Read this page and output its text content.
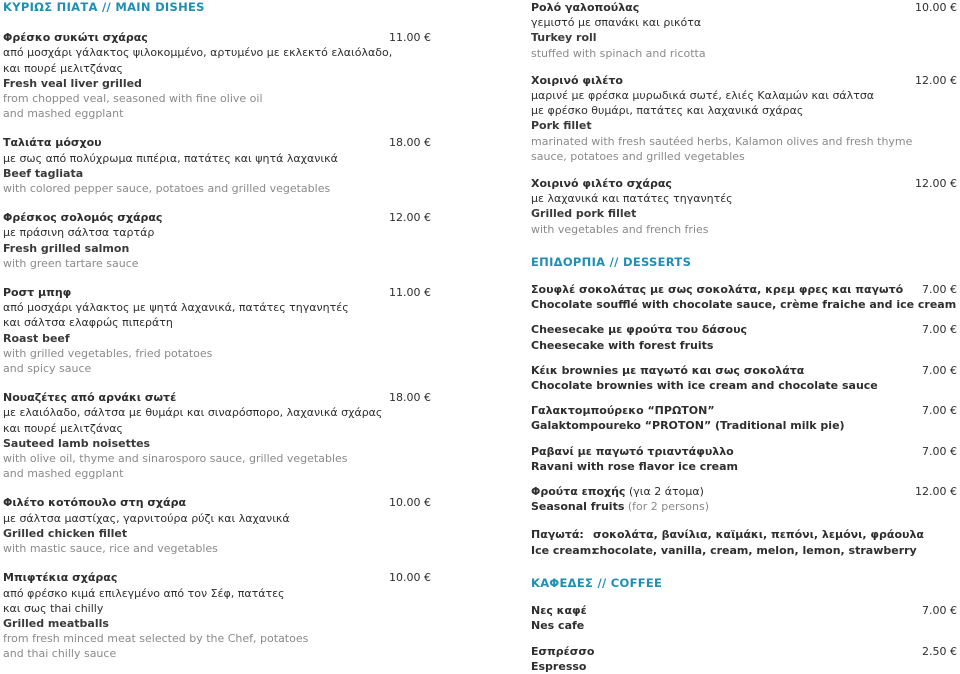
ΚΥΡΙΩΣ ΠΙΑΤΑ // MAIN DISHES
Φρέσκο συκώτι σχάρας	11.00 €
από μοσχάρι γάλακτος ψιλοκομμένο, αρτυμένο με εκλεκτό ελαιόλαδο,
και πουρέ μελιτζάνας
Fresh veal liver grilled
from chopped veal, seasoned with fine olive oil
and mashed eggplant
Ταλιάτα μόσχου	18.00 €
με σως από πολύχρωμα πιπέρια, πατάτες και ψητά λαχανικά
Beef tagliata
with colored pepper sauce, potatoes and grilled vegetables
Φρέσκος σολομός σχάρας	12.00 €
με πράσινη σάλτσα ταρτάρ
Fresh grilled salmon
with green tartare sauce
Ροστ μπηφ	11.00 €
από μοσχάρι γάλακτος με ψητά λαχανικά, πατάτες τηγανητές
και σάλτσα ελαφρώς πιπεράτη
Roast beef
with grilled vegetables, fried potatoes
and spicy sauce
Νουαζέτες από αρνάκι σωτέ	18.00 €
με ελαιόλαδο, σάλτσα με θυμάρι και σιναρόσπορο, λαχανικά σχάρας
και πουρέ μελιτζάνας
Sauteed lamb noisettes
with olive oil, thyme and sinarosporo sauce, grilled vegetables
and mashed eggplant
Φιλέτο κοτόπουλο στη σχάρα	10.00 €
με σάλτσα μαστίχας, γαρνιτούρα ρύζι και λαχανικά
Grilled chicken fillet
with mastic sauce, rice and vegetables
Μπιφτέκια σχάρας	10.00 €
από φρέσκο κιμά επιλεγμένο από τον Σέφ, πατάτες
και σως thai chilly
Grilled meatballs
from fresh minced meat selected by the Chef, potatoes
and thai chilly sauce
Ρολό γαλοπούλας	10.00 €
γεμιστό με σπανάκι και ρικότα
Turkey roll
stuffed with spinach and ricotta
Χοιρινό φιλέτο	12.00 €
μαρινέ με φρέσκα μυρωδικά σωτέ, ελιές Καλαμών και σάλτσα
με φρέσκο θυμάρι, πατάτες και λαχανικά σχάρας
Pork fillet
marinated with fresh sautéed herbs, Kalamon olives and fresh thyme
sauce, potatoes and grilled vegetables
Χοιρινό φιλέτο σχάρας	12.00 €
με λαχανικά και πατάτες τηγανητές
Grilled pork fillet
with vegetables and french fries
ΕΠΙΔΟΡΠΙΑ // DESSERTS
Σουφλέ σοκολάτας με σως σοκολάτα, κρεμ φρες και παγωτό	7.00 €
Chocolate soufflé with chocolate sauce, crème fraiche and ice cream
Cheesecake με φρούτα του δάσους	7.00 €
Cheesecake with forest fruits
Κέικ brownies με παγωτό και σως σοκολάτα	7.00 €
Chocolate brownies with ice cream and chocolate sauce
Γαλακτομπούρεκο “ΠΡΩΤΟΝ”	7.00 €
Galaktompoureko “PROTON” (Traditional milk pie)
Ραβανί με παγωτό τριαντάφυλλο	7.00 €
Ravani with rose flavor ice cream
Φρούτα εποχής (για 2 άτομα)	12.00 €
Seasonal fruits (for 2 persons)
Παγωτά: σοκολάτα, βανίλια, καϊμάκι, πεπόνι, λεμόνι, φράουλα
Ice cream:
chocolate, vanilla, cream, melon, lemon, strawberry
ΚΑΦΕΔΕΣ // COFFEE
Νες καφέ	7.00 €
Nes cafe
Εσπρέσσο	2.50 €
Espresso
